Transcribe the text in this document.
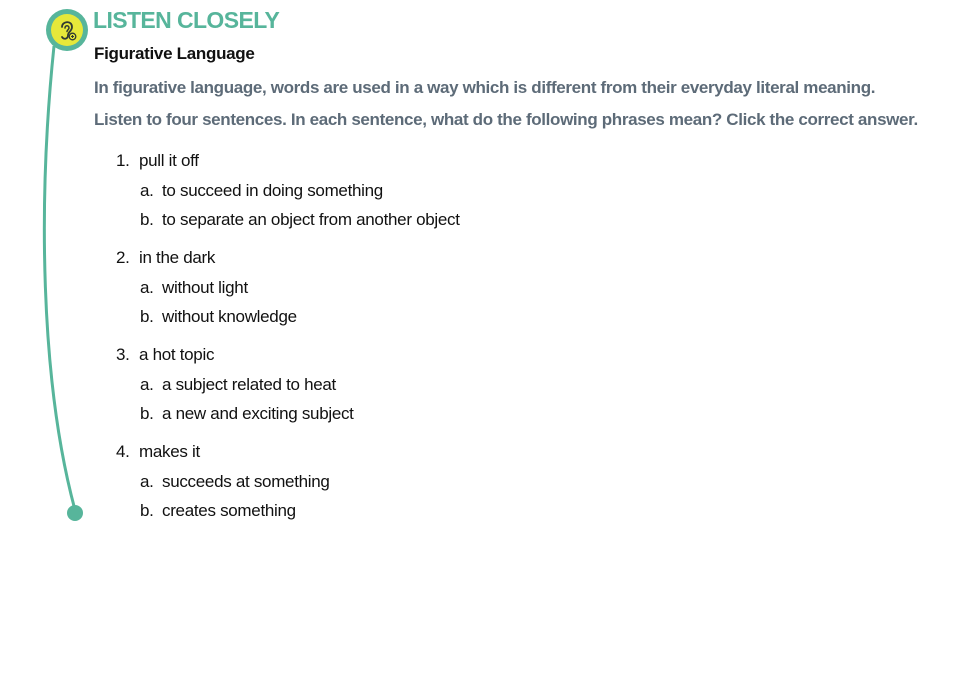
LISTEN CLOSELY
Figurative Language

In figurative language, words are used in a way which is different from their everyday literal meaning.

Listen to four sentences. In each sentence, what do the following phrases mean? Click the correct answer.

1. pull it off
a. to succeed in doing something
b. to separate an object from another object
2. in the dark
a. without light
b. without knowledge
3. a hot topic
a. a subject related to heat
b. a new and exciting subject
4. makes it
a. succeeds at something
b. creates something
